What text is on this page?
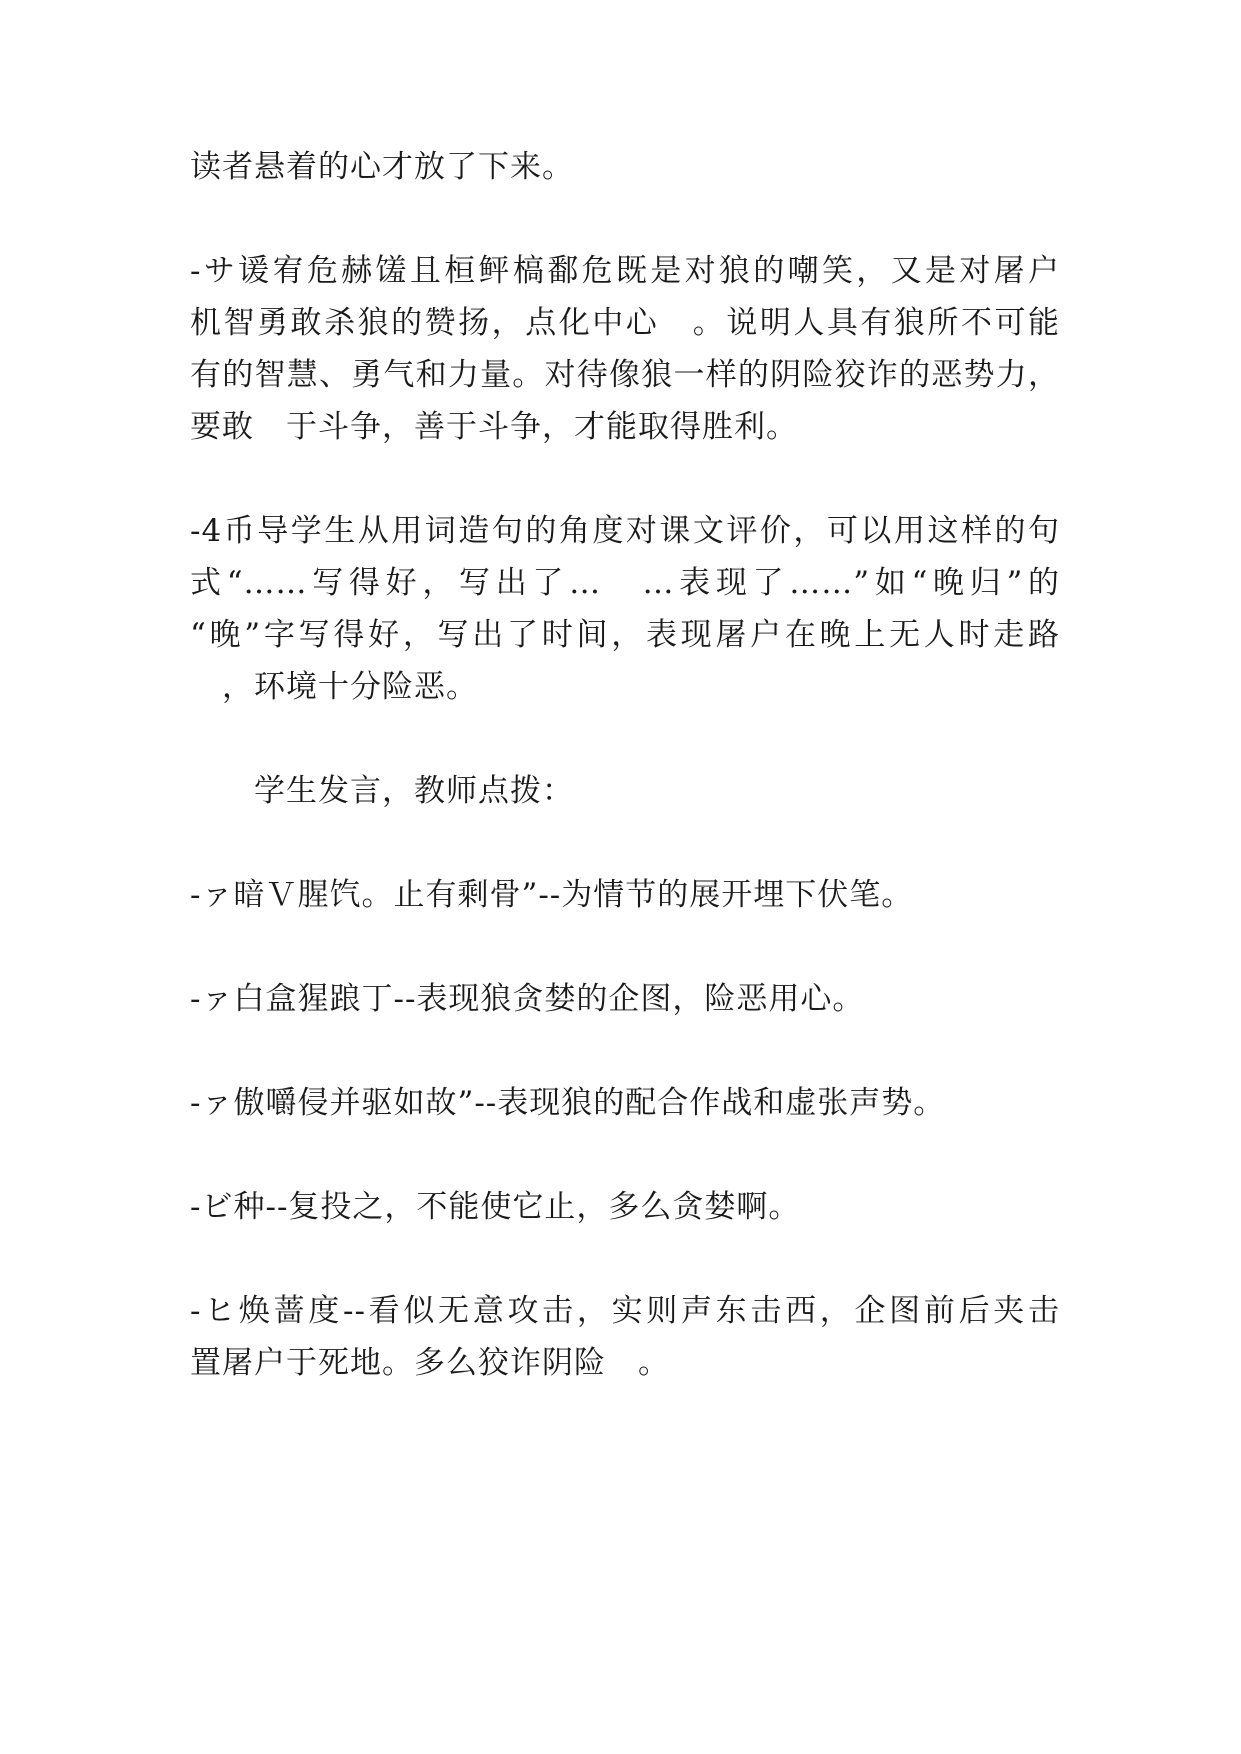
读者悬着的心才放了下来。

-サ谖宥危赫馐且桓鲆槁鄱危既是对狼的嘲笑，又是对屠户

机智勇敢杀狼的赞扬，点化中心　。说明人具有狼所不可能

有的智慧、勇气和力量。对待像狼一样的阴险狡诈的恶势力，

要敢　于斗争，善于斗争，才能取得胜利。

-4币导学生从用词造句的角度对课文评价，可以用这样的句

式“……写得好，写出了…　…表现了……”如“晚归”的

“晚”字写得好，写出了时间，表现屠户在晚上无人时走路

　，环境十分险恶。

　　学生发言，教师点拨：

-ァ暗Ｖ腥饩。止有剩骨”--为情节的展开埋下伏笔。

-ァ白盒猩踉丁--表现狼贪婪的企图，险恶用心。

-ァ傲嚼侵并驱如故”--表现狼的配合作战和虚张声势。

-ビ种--复投之，不能使它止，多么贪婪啊。

-ヒ焕蔷度--看似无意攻击，实则声东击西，企图前后夹击

置屠户于死地。多么狡诈阴险　。
